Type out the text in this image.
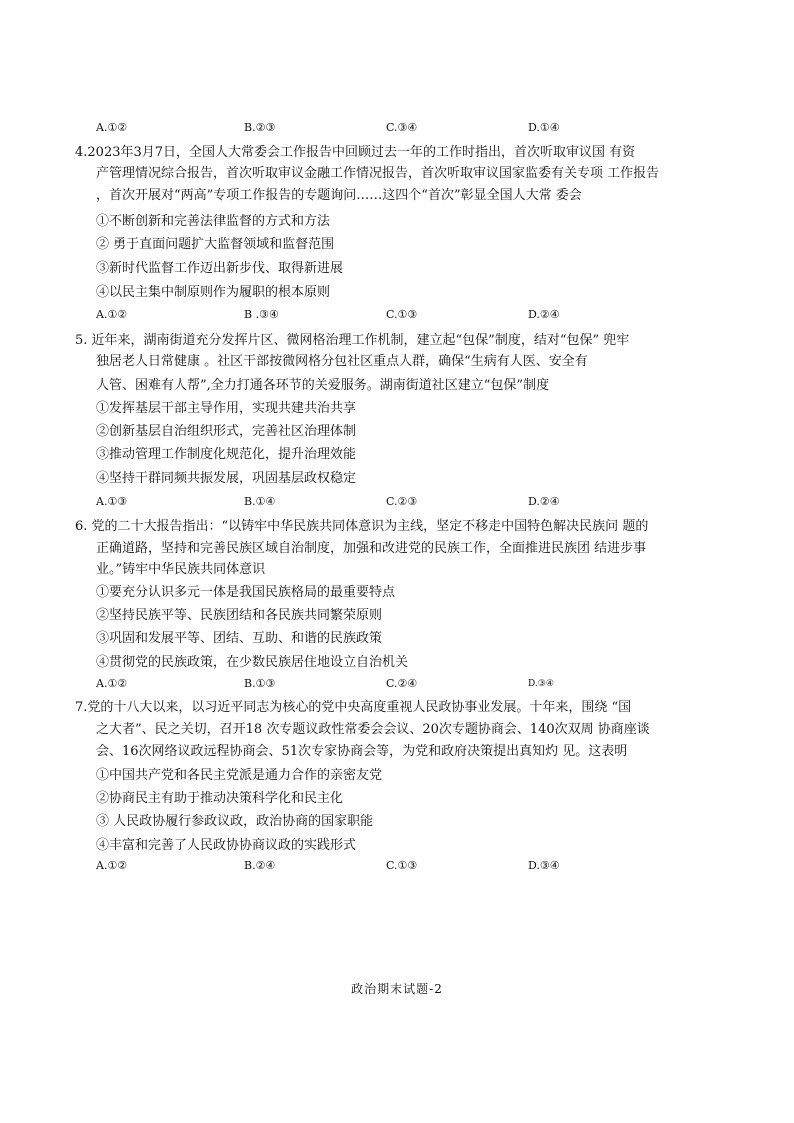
A.①②	B.②③	C.③④	D.①④
4.2023年3月7日，全国人大常委会工作报告中回顾过去一年的工作时指出，首次听取审议国 有资
产管理情况综合报告，首次听取审议金融工作情况报告，首次听取审议国家监委有关专项 工作报告
，首次开展对“两高”专项工作报告的专题询问……这四个“首次”彰显全国人大常 委会
①不断创新和完善法律监督的方式和方法
② 勇于直面问题扩大监督领域和监督范围
③新时代监督工作迈出新步伐、取得新进展
④以民主集中制原则作为履职的根本原则
A.①②	B .③④	C.①③	D.②④
5. 近年来，湖南街道充分发挥片区、微网格治理工作机制，建立起“包保”制度，结对“包保” 兜牢
独居老人日常健康 。社区干部按微网格分包社区重点人群，确保“生病有人医、安全有
人管、困难有人帮”,全力打通各环节的关爱服务。湖南街道社区建立“包保”制度
①发挥基层干部主导作用，实现共建共治共享
②创新基层自治组织形式，完善社区治理体制
③推动管理工作制度化规范化，提升治理效能
④坚持干群同频共振发展，巩固基层政权稳定
A.①③	B.①④	C.②③	D.②④
6. 党的二十大报告指出：“以铸牢中华民族共同体意识为主线，坚定不移走中国特色解决民族问 题的
正确道路，坚持和完善民族区域自治制度，加强和改进党的民族工作，全面推进民族团 结进步事
业。”铸牢中华民族共同体意识
①要充分认识多元一体是我国民族格局的最重要特点
②坚持民族平等、民族团结和各民族共同繁荣原则
③巩固和发展平等、团结、互助、和谐的民族政策
④贯彻党的民族政策，在少数民族居住地设立自治机关
A.①②	B.①③	C.②④	D.③④
7.党的十八大以来，以习近平同志为核心的党中央高度重视人民政协事业发展。十年来，围绕 “国
之大者”、民之关切，召开18 次专题议政性常委会会议、20次专题协商会、140次双周 协商座谈
会、16次网络议政远程协商会、51次专家协商会等，为党和政府决策提出真知灼 见。这表明
①中国共产党和各民主党派是通力合作的亲密友党
②协商民主有助于推动决策科学化和民主化
③ 人民政协履行参政议政，政治协商的国家职能
④丰富和完善了人民政协协商议政的实践形式
A.①②	B.②④	C.①③	D.③④
政治期末试题-2
